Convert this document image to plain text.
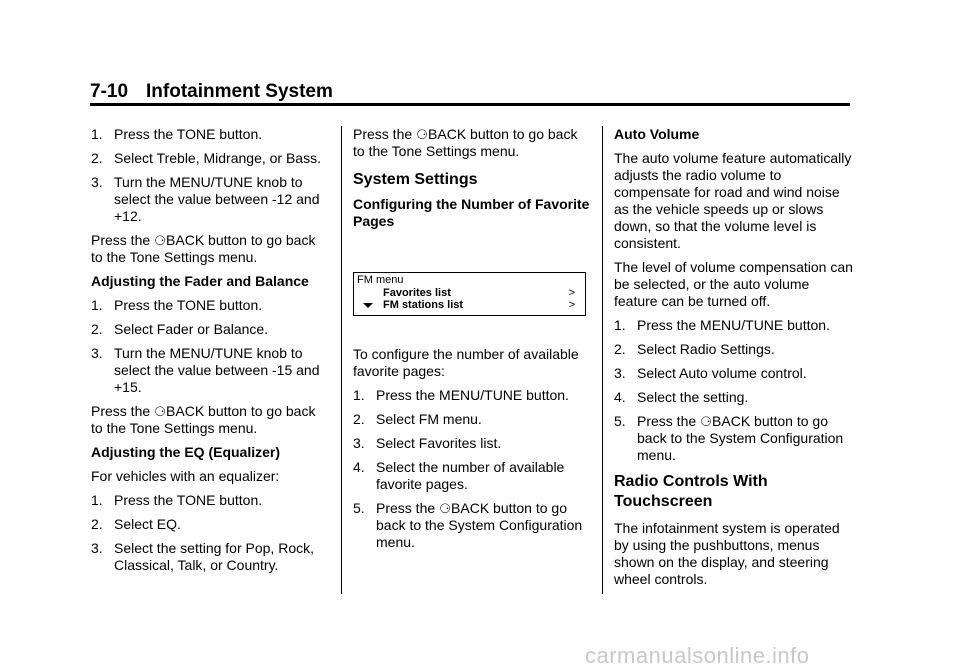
7-10 Infotainment System
1. Press the TONE button.
2. Select Treble, Midrange, or Bass.
3. Turn the MENU/TUNE knob to select the value between -12 and +12.

Press the ⚆BACK button to go back to the Tone Settings menu.

Adjusting the Fader and Balance

1. Press the TONE button.
2. Select Fader or Balance.
3. Turn the MENU/TUNE knob to select the value between -15 and +15.

Press the ⚆BACK button to go back to the Tone Settings menu.

Adjusting the EQ (Equalizer)

For vehicles with an equalizer:

1. Press the TONE button.
2. Select EQ.
3. Select the setting for Pop, Rock, Classical, Talk, or Country.

Press the ⚆BACK button to go back to the Tone Settings menu.

System Settings

Configuring the Number of Favorite Pages

FM menu
Favorites list	>
FM stations list	>

To configure the number of available favorite pages:

1. Press the MENU/TUNE button.
2. Select FM menu.
3. Select Favorites list.
4. Select the number of available favorite pages.
5. Press the ⚆BACK button to go back to the System Configuration menu.

Auto Volume

The auto volume feature automatically adjusts the radio volume to compensate for road and wind noise as the vehicle speeds up or slows down, so that the volume level is consistent.

The level of volume compensation can be selected, or the auto volume feature can be turned off.

1. Press the MENU/TUNE button.
2. Select Radio Settings.
3. Select Auto volume control.
4. Select the setting.
5. Press the ⚆BACK button to go back to the System Configuration menu.
Radio Controls With Touchscreen

The infotainment system is operated by using the pushbuttons, menus shown on the display, and steering wheel controls.

carmanualsonline.info
